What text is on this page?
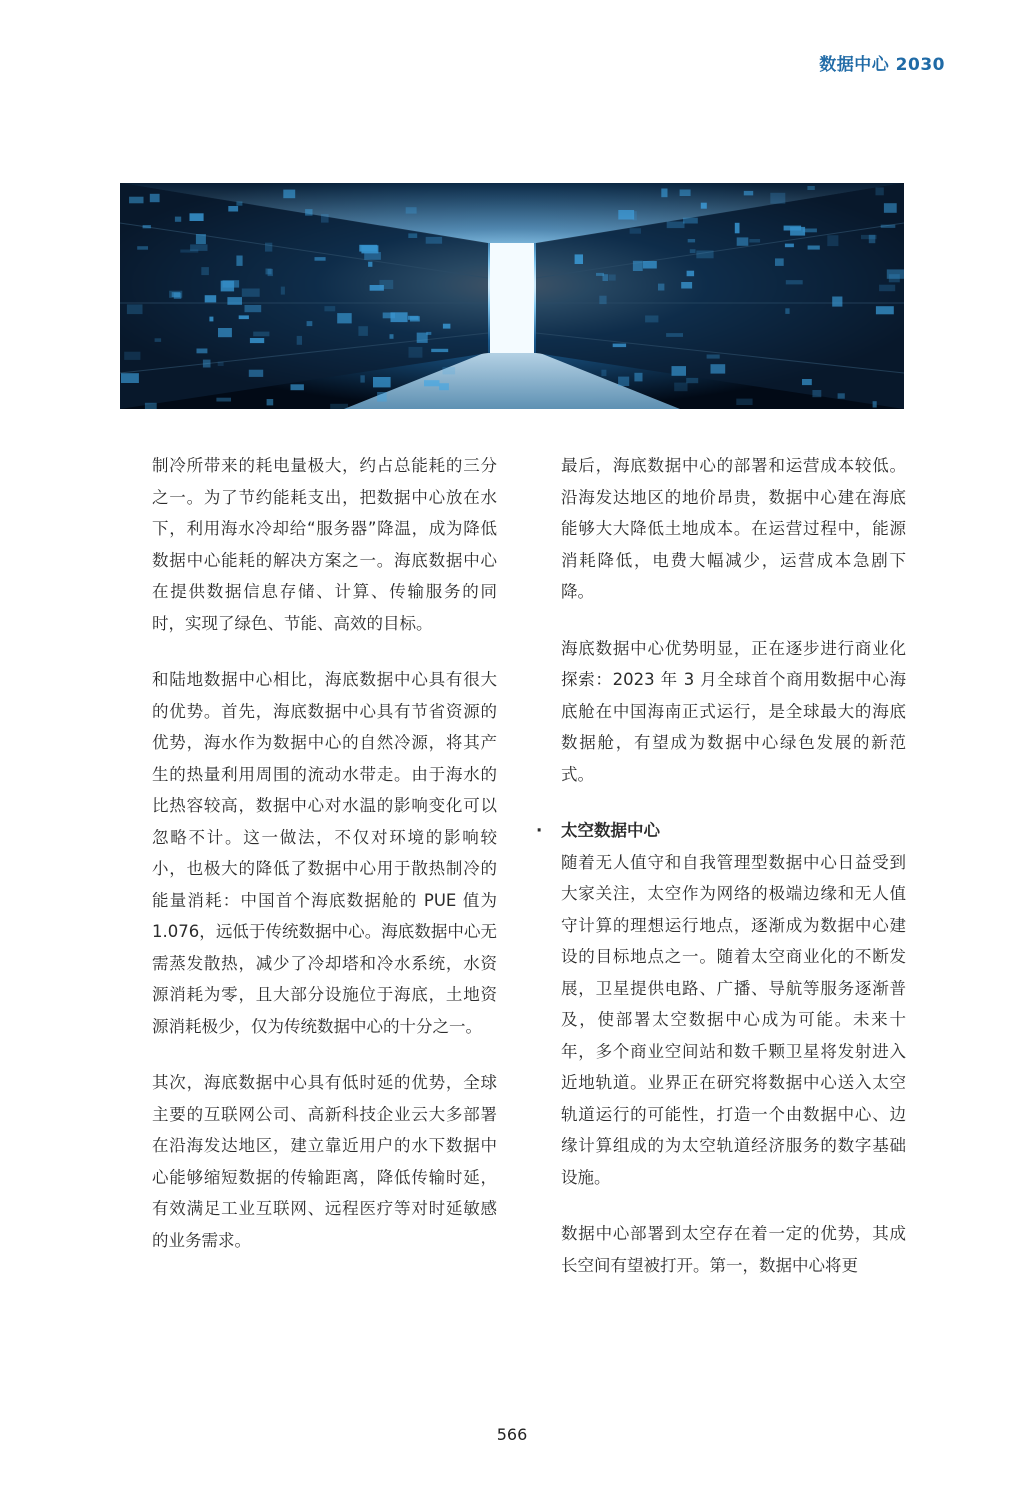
数据中心 2030

制冷所带来的耗电量极大，约占总能耗的三分之一。为了节约能耗支出，把数据中心放在水下，利用海水冷却给“服务器”降温，成为降低数据中心能耗的解决方案之一。海底数据中心在提供数据信息存储、计算、传输服务的同时，实现了绿色、节能、高效的目标。

和陆地数据中心相比，海底数据中心具有很大的优势。首先，海底数据中心具有节省资源的优势，海水作为数据中心的自然冷源，将其产生的热量利用周围的流动水带走。由于海水的比热容较高，数据中心对水温的影响变化可以忽略不计。这一做法，不仅对环境的影响较小，也极大的降低了数据中心用于散热制冷的能量消耗：中国首个海底数据舱的 PUE 值为 1.076，远低于传统数据中心。海底数据中心无需蒸发散热，减少了冷却塔和冷水系统，水资源消耗为零，且大部分设施位于海底，土地资源消耗极少，仅为传统数据中心的十分之一。

其次，海底数据中心具有低时延的优势，全球主要的互联网公司、高新科技企业云大多部署在沿海发达地区，建立靠近用户的水下数据中心能够缩短数据的传输距离，降低传输时延，有效满足工业互联网、远程医疗等对时延敏感的业务需求。

最后，海底数据中心的部署和运营成本较低。沿海发达地区的地价昂贵，数据中心建在海底能够大大降低土地成本。在运营过程中，能源消耗降低，电费大幅减少，运营成本急剧下降。

海底数据中心优势明显，正在逐步进行商业化探索：2023 年 3 月全球首个商用数据中心海底舱在中国海南正式运行，是全球最大的海底数据舱，有望成为数据中心绿色发展的新范式。

· 太空数据中心

随着无人值守和自我管理型数据中心日益受到大家关注，太空作为网络的极端边缘和无人值守计算的理想运行地点，逐渐成为数据中心建设的目标地点之一。随着太空商业化的不断发展，卫星提供电路、广播、导航等服务逐渐普及，使部署太空数据中心成为可能。未来十年，多个商业空间站和数千颗卫星将发射进入近地轨道。业界正在研究将数据中心送入太空轨道运行的可能性，打造一个由数据中心、边缘计算组成的为太空轨道经济服务的数字基础设施。

数据中心部署到太空存在着一定的优势，其成长空间有望被打开。第一，数据中心将更

566
